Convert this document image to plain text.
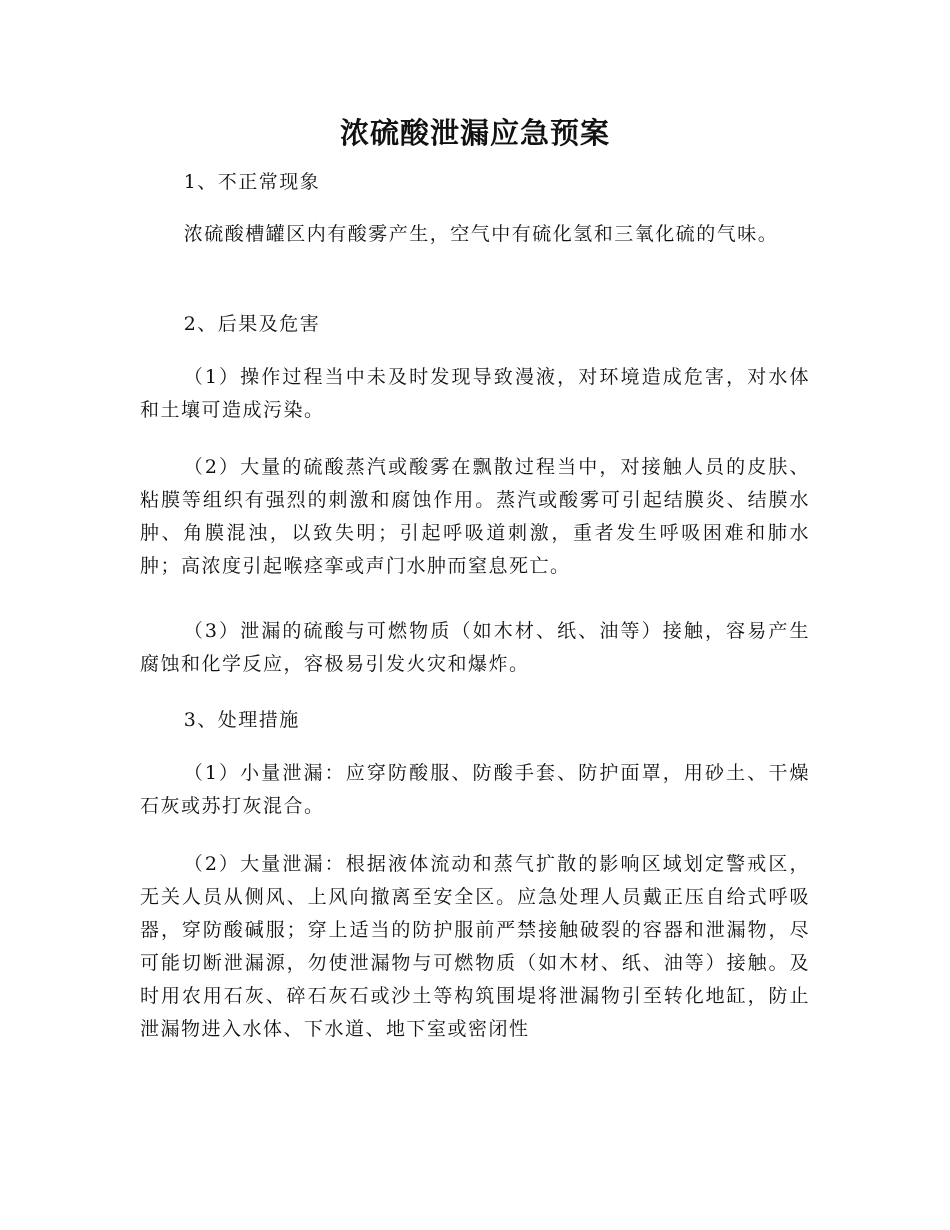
浓硫酸泄漏应急预案

1、不正常现象

浓硫酸槽罐区内有酸雾产生，空气中有硫化氢和三氧化硫的气味。

2、后果及危害

（1）操作过程当中未及时发现导致漫液，对环境造成危害，对水体和土壤可造成污染。

（2）大量的硫酸蒸汽或酸雾在飘散过程当中，对接触人员的皮肤、粘膜等组织有强烈的刺激和腐蚀作用。蒸汽或酸雾可引起结膜炎、结膜水肿、角膜混浊，以致失明；引起呼吸道刺激，重者发生呼吸困难和肺水肿；高浓度引起喉痉挛或声门水肿而窒息死亡。

（3）泄漏的硫酸与可燃物质（如木材、纸、油等）接触，容易产生腐蚀和化学反应，容极易引发火灾和爆炸。

3、处理措施

（1）小量泄漏：应穿防酸服、防酸手套、防护面罩，用砂土、干燥石灰或苏打灰混合。

（2）大量泄漏：根据液体流动和蒸气扩散的影响区域划定警戒区，无关人员从侧风、上风向撤离至安全区。应急处理人员戴正压自给式呼吸器，穿防酸碱服；穿上适当的防护服前严禁接触破裂的容器和泄漏物，尽可能切断泄漏源，勿使泄漏物与可燃物质（如木材、纸、油等）接触。及时用农用石灰、碎石灰石或沙土等构筑围堤将泄漏物引至转化地缸，防止泄漏物进入水体、下水道、地下室或密闭性
